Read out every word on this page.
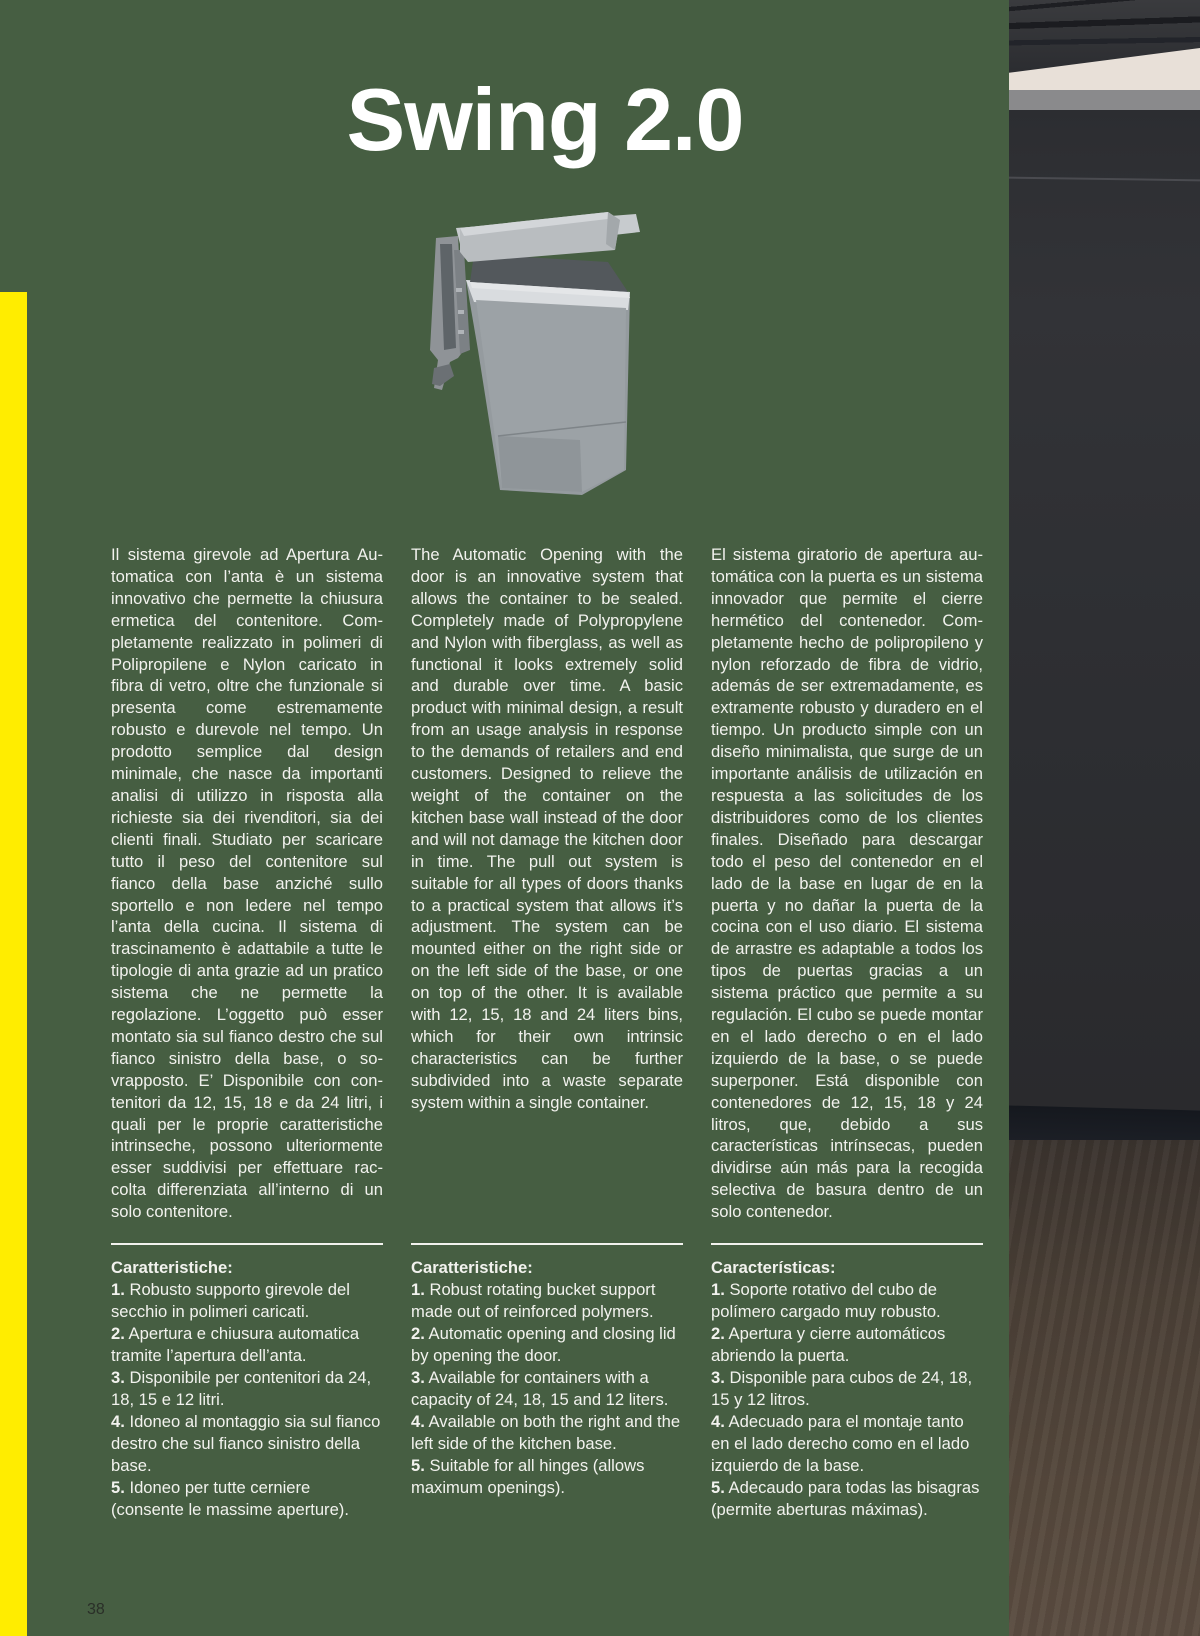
Swing 2.0

Il sistema girevole ad Apertura Automatica con l’anta è un sistema innovativo che permette la chiusura ermetica del contenitore. Completamente realizzato in polimeri di Polipropilene e Nylon caricato in fibra di vetro, oltre che funzionale si presenta come estremamente robusto e durevole nel tempo. Un prodotto semplice dal design minimale, che nasce da importanti analisi di utilizzo in risposta alla richieste sia dei rivenditori, sia dei clienti finali. Studiato per scaricare tutto il peso del contenitore sul fianco della base anziché sullo sportello e non ledere nel tempo l’anta della cucina. Il sistema di trascinamento è adattabile a tutte le tipologie di anta grazie ad un pratico sistema che ne permette la regolazione. L’oggetto può esser montato sia sul fianco destro che sul fianco sinistro della base, o sovrapposto. E’ Disponibile con contenitori da 12, 15, 18 e da 24 litri, i quali per le proprie caratteristiche intrinseche, possono ulteriormente esser suddivisi per effettuare raccolta differenziata all’interno di un solo contenitore.

Caratteristiche:

1. Robusto supporto girevole del secchio in polimeri caricati.

2. Apertura e chiusura automatica tramite l’apertura dell’anta.

3. Disponibile per contenitori da 24, 18, 15 e 12 litri.

4. Idoneo al montaggio sia sul fianco destro che sul fianco sinistro della base.

5. Idoneo per tutte cerniere (consente le massime aperture).

The Automatic Opening with the door is an innovative system that allows the container to be sealed. Completely made of Polypropylene and Nylon with fiberglass, as well as functional it looks extremely solid and durable over time. A basic product with minimal design, a result from an usage analysis in response to the demands of retailers and end customers. Designed to relieve the weight of the container on the kitchen base wall instead of the door and will not damage the kitchen door in time. The pull out system is suitable for all types of doors thanks to a practical system that allows it’s adjustment. The system can be mounted either on the right side or on the left side of the base, or one on top of the other. It is available with 12, 15, 18 and 24 liters bins, which for their own intrinsic characteristics can be further subdivided into a waste separate system within a single container.

Caratteristiche:

1. Robust rotating bucket support made out of reinforced polymers.

2. Automatic opening and closing lid by opening the door.

3. Available for containers with a capacity of 24, 18, 15 and 12 liters.

4. Available on both the right and the left side of the kitchen base.

5. Suitable for all hinges (allows maximum openings).

El sistema giratorio de apertura automática con la puerta es un sistema innovador que permite el cierre hermético del contenedor. Completamente hecho de polipropileno y nylon reforzado de fibra de vidrio, además de ser extremadamente, es extramente robusto y duradero en el tiempo. Un producto simple con un diseño minimalista, que surge de un importante análisis de utilización en respuesta a las solicitudes de los distribuidores como de los clientes finales. Diseñado para descargar todo el peso del contenedor en el lado de la base en lugar de en la puerta y no dañar la puerta de la cocina con el uso diario. El sistema de arrastre es adaptable a todos los tipos de puertas gracias a un sistema práctico que permite a su regulación. El cubo se puede montar en el lado derecho o en el lado izquierdo de la base, o se puede superponer. Está disponible con contenedores de 12, 15, 18 y 24 litros, que, debido a sus características intrínsecas, pueden dividirse aún más para la recogida selectiva de basura dentro de un solo contenedor.

Características:

1. Soporte rotativo del cubo de polímero cargado muy robusto.

2. Apertura y cierre automáticos abriendo la puerta.

3. Disponible para cubos de 24, 18, 15 y 12 litros.

4. Adecuado para el montaje tanto en el lado derecho como en el lado izquierdo de la base.

5. Adecaudo para todas las bisagras (permite aberturas máximas).

38
